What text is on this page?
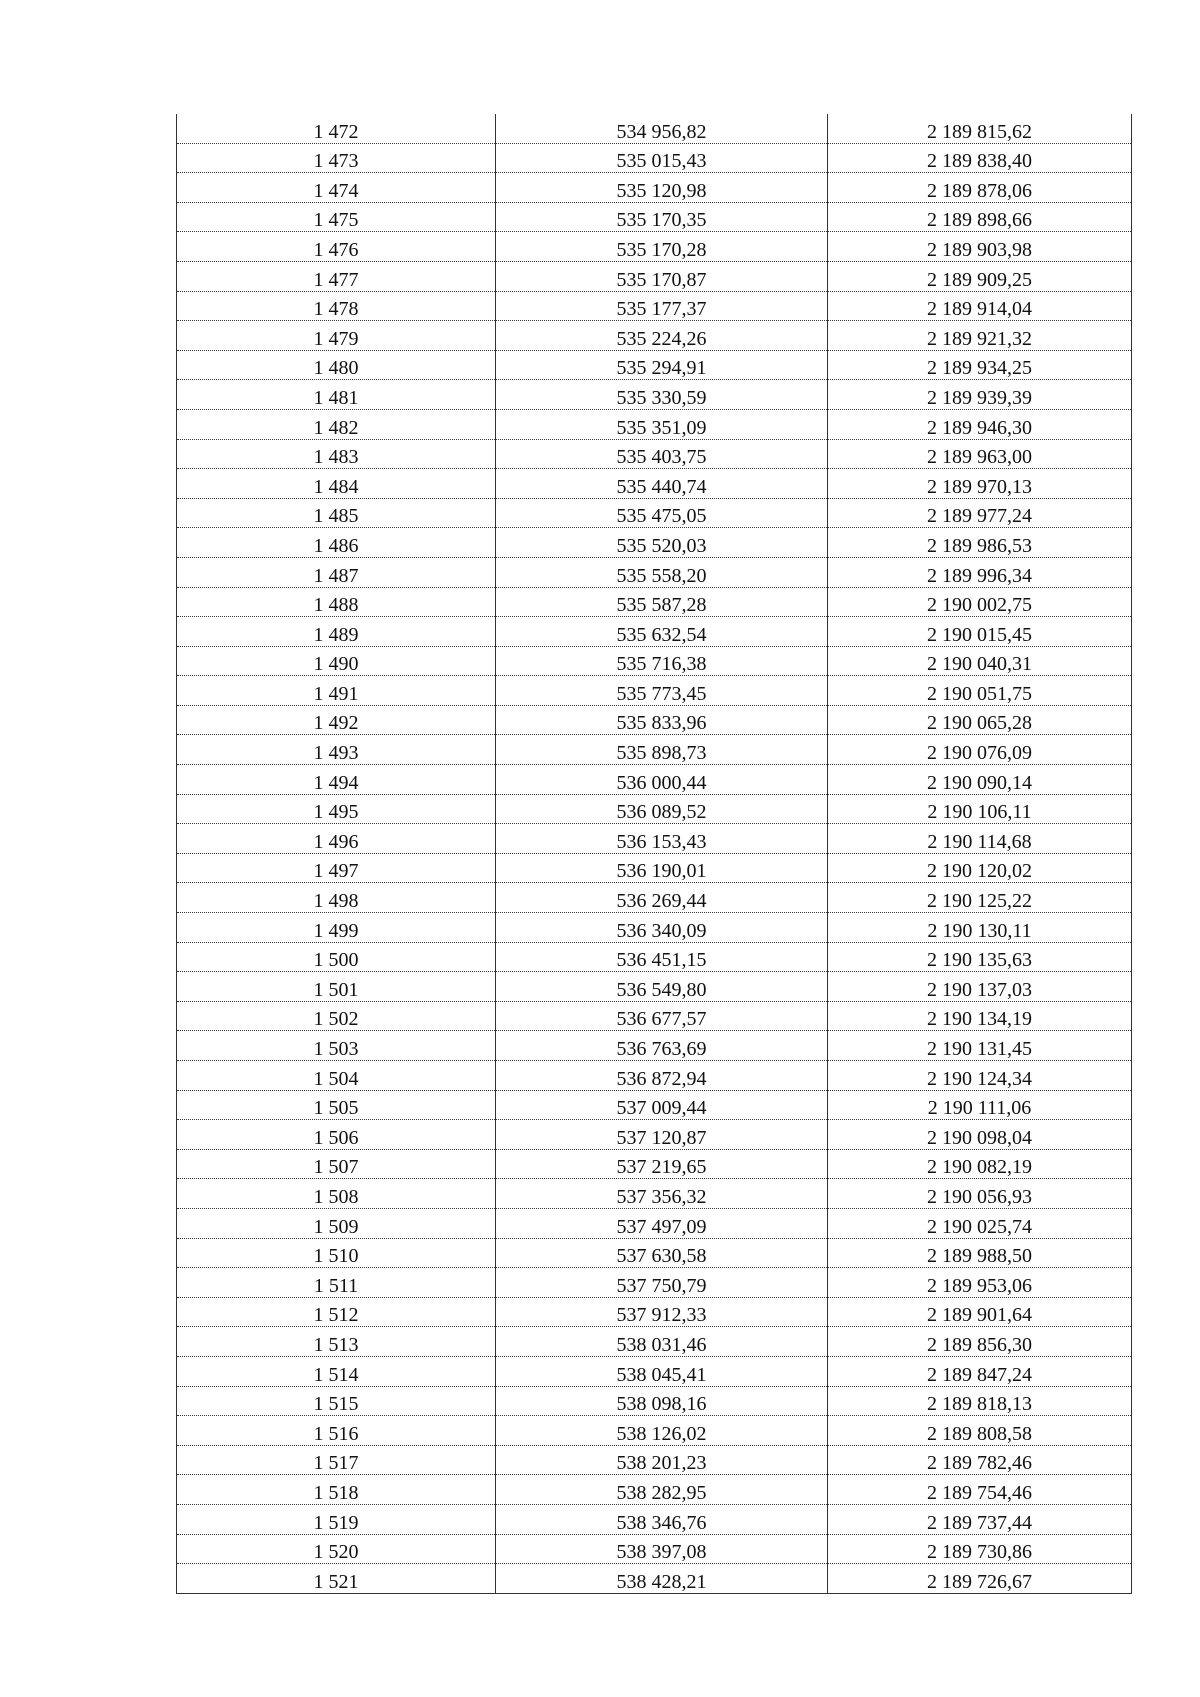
1 472	534 956,82	2 189 815,62
1 473	535 015,43	2 189 838,40
1 474	535 120,98	2 189 878,06
1 475	535 170,35	2 189 898,66
1 476	535 170,28	2 189 903,98
1 477	535 170,87	2 189 909,25
1 478	535 177,37	2 189 914,04
1 479	535 224,26	2 189 921,32
1 480	535 294,91	2 189 934,25
1 481	535 330,59	2 189 939,39
1 482	535 351,09	2 189 946,30
1 483	535 403,75	2 189 963,00
1 484	535 440,74	2 189 970,13
1 485	535 475,05	2 189 977,24
1 486	535 520,03	2 189 986,53
1 487	535 558,20	2 189 996,34
1 488	535 587,28	2 190 002,75
1 489	535 632,54	2 190 015,45
1 490	535 716,38	2 190 040,31
1 491	535 773,45	2 190 051,75
1 492	535 833,96	2 190 065,28
1 493	535 898,73	2 190 076,09
1 494	536 000,44	2 190 090,14
1 495	536 089,52	2 190 106,11
1 496	536 153,43	2 190 114,68
1 497	536 190,01	2 190 120,02
1 498	536 269,44	2 190 125,22
1 499	536 340,09	2 190 130,11
1 500	536 451,15	2 190 135,63
1 501	536 549,80	2 190 137,03
1 502	536 677,57	2 190 134,19
1 503	536 763,69	2 190 131,45
1 504	536 872,94	2 190 124,34
1 505	537 009,44	2 190 111,06
1 506	537 120,87	2 190 098,04
1 507	537 219,65	2 190 082,19
1 508	537 356,32	2 190 056,93
1 509	537 497,09	2 190 025,74
1 510	537 630,58	2 189 988,50
1 511	537 750,79	2 189 953,06
1 512	537 912,33	2 189 901,64
1 513	538 031,46	2 189 856,30
1 514	538 045,41	2 189 847,24
1 515	538 098,16	2 189 818,13
1 516	538 126,02	2 189 808,58
1 517	538 201,23	2 189 782,46
1 518	538 282,95	2 189 754,46
1 519	538 346,76	2 189 737,44
1 520	538 397,08	2 189 730,86
1 521	538 428,21	2 189 726,67
